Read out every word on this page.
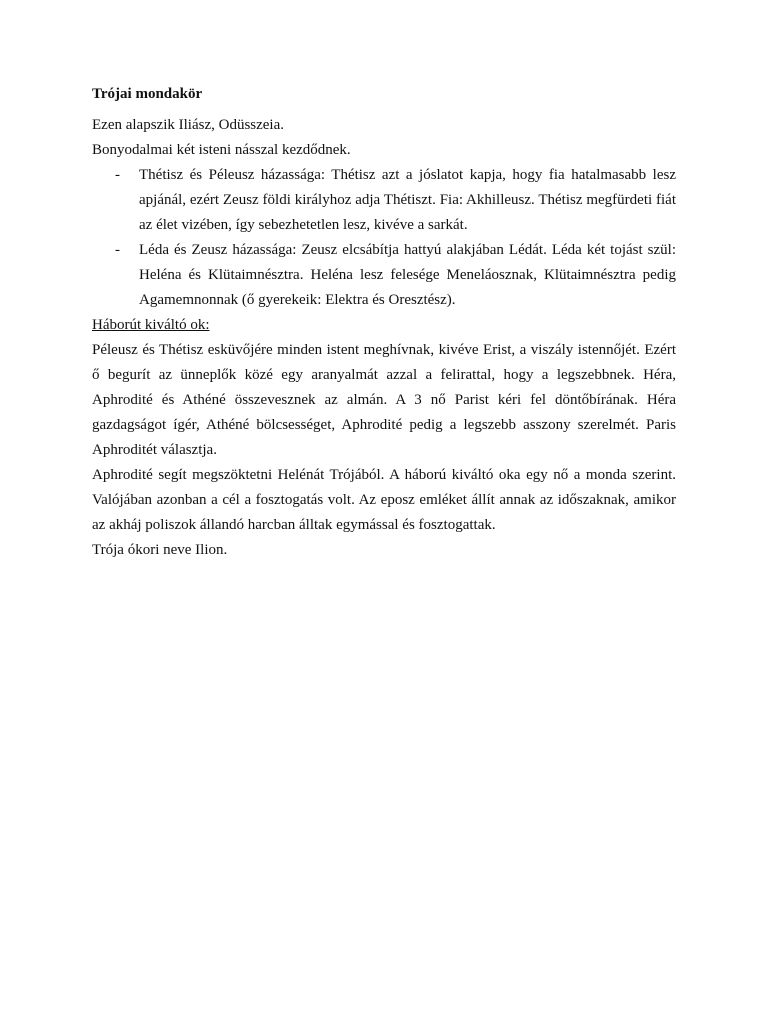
Trójai mondakör

Ezen alapszik Iliász, Odüsszeia.

Bonyodalmai két isteni násszal kezdődnek.

- Thétisz és Péleusz házassága: Thétisz azt a jóslatot kapja, hogy fia hatalmasabb lesz apjánál, ezért Zeusz földi királyhoz adja Thétiszt. Fia: Akhilleusz. Thétisz megfürdeti fiát az élet vizében, így sebezhetetlen lesz, kivéve a sarkát.
- Léda és Zeusz házassága: Zeusz elcsábítja hattyú alakjában Lédát. Léda két tojást szül: Heléna és Klütaimnésztra. Heléna lesz felesége Meneláosznak, Klütaimnésztra pedig Agamemnonnak (ő gyerekeik: Elektra és Oresztész).

Háborút kiváltó ok:

Péleusz és Thétisz esküvőjére minden istent meghívnak, kivéve Erist, a viszály istennőjét. Ezért ő begurít az ünneplők közé egy aranyalmát azzal a felirattal, hogy a legszebbnek. Héra, Aphrodité és Athéné összevesznek az almán. A 3 nő Parist kéri fel döntőbírának. Héra gazdagságot ígér, Athéné bölcsességet, Aphrodité pedig a legszebb asszony szerelmét. Paris Aphroditét választja.

Aphrodité segít megszöktetni Helénát Trójából. A háború kiváltó oka egy nő a monda szerint. Valójában azonban a cél a fosztogatás volt. Az eposz emléket állít annak az időszaknak, amikor az akháj poliszok állandó harcban álltak egymással és fosztogattak.

Trója ókori neve Ilion.
